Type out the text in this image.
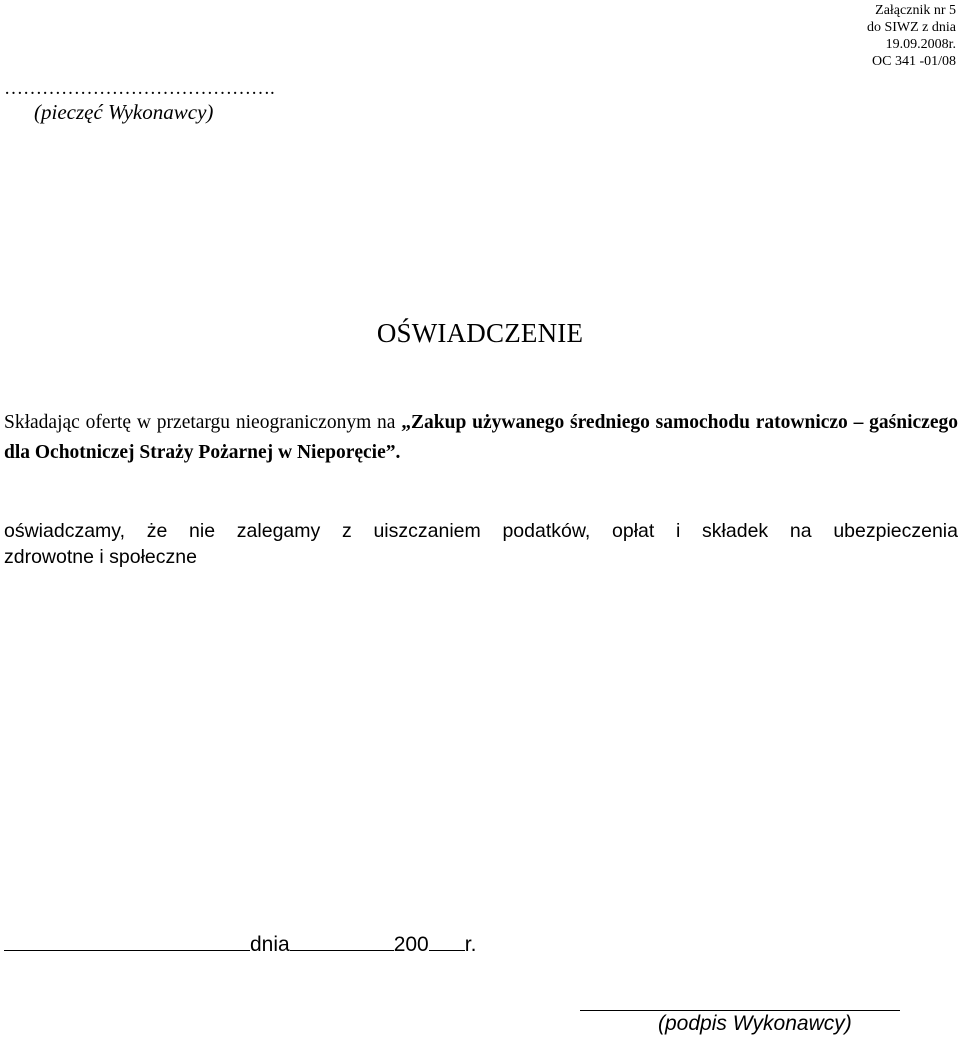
Załącznik nr 5
do SIWZ z dnia
19.09.2008r.
OC 341 -01/08
…………………………………….
(pieczęć Wykonawcy)
OŚWIADCZENIE
Składając ofertę w przetargu nieograniczonym na „Zakup używanego średniego samochodu ratowniczo – gaśniczego dla Ochotniczej Straży Pożarnej w Nieporęcie”.
oświadczamy, że nie zalegamy z uiszczaniem podatków, opłat i składek na ubezpieczenia
zdrowotne i społeczne
dnia	200 r.
(podpis Wykonawcy)
